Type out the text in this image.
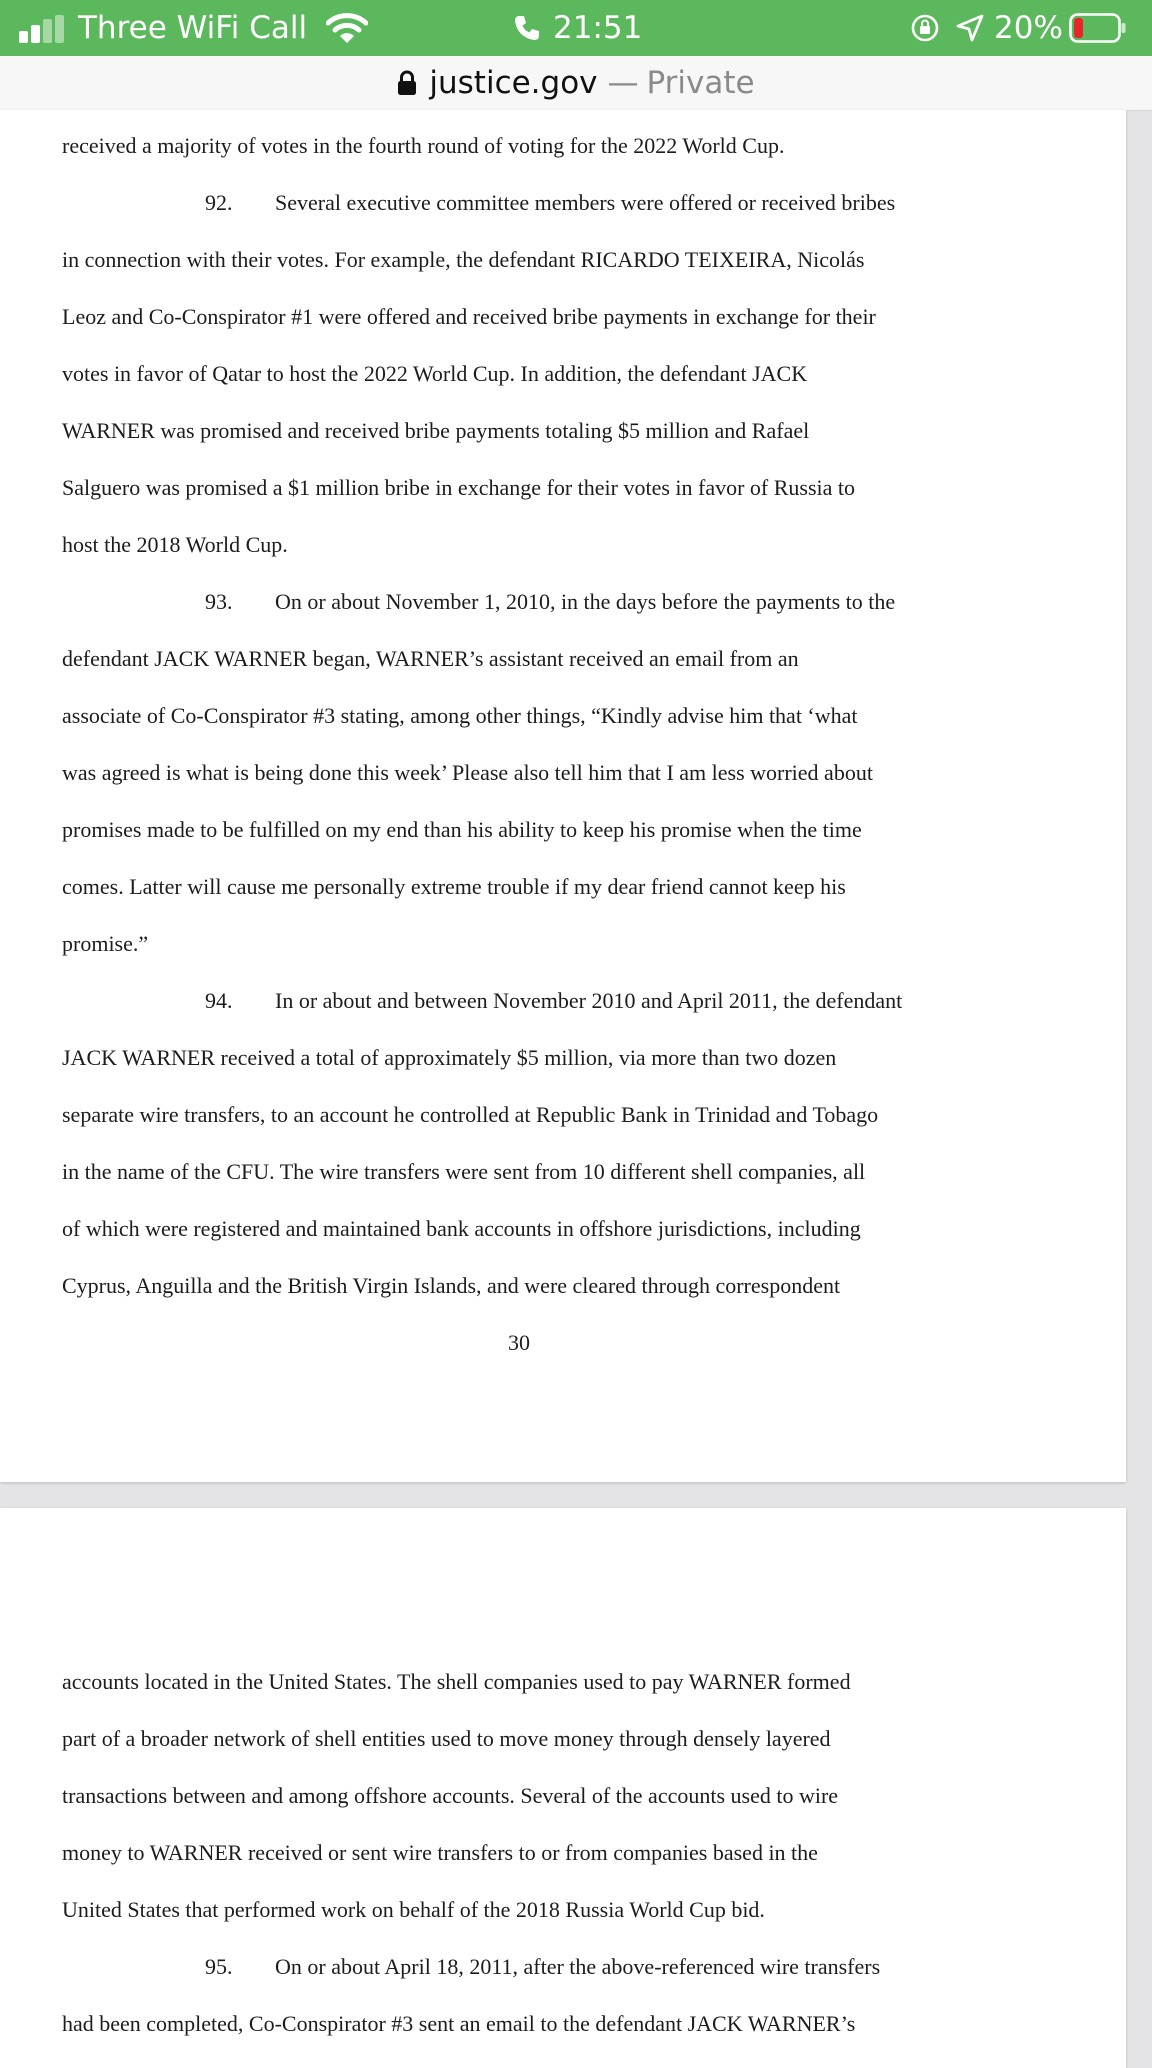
Three WiFi Call	21:51	20%
justice.gov — Private
received a majority of votes in the fourth round of voting for the 2022 World Cup.
92. Several executive committee members were offered or received bribes
in connection with their votes. For example, the defendant RICARDO TEIXEIRA, Nicolás
Leoz and Co-Conspirator #1 were offered and received bribe payments in exchange for their
votes in favor of Qatar to host the 2022 World Cup. In addition, the defendant JACK
WARNER was promised and received bribe payments totaling $5 million and Rafael
Salguero was promised a $1 million bribe in exchange for their votes in favor of Russia to
host the 2018 World Cup.
93. On or about November 1, 2010, in the days before the payments to the
defendant JACK WARNER began, WARNER’s assistant received an email from an
associate of Co-Conspirator #3 stating, among other things, “Kindly advise him that ‘what
was agreed is what is being done this week’ Please also tell him that I am less worried about
promises made to be fulfilled on my end than his ability to keep his promise when the time
comes. Latter will cause me personally extreme trouble if my dear friend cannot keep his
promise.”
94. In or about and between November 2010 and April 2011, the defendant
JACK WARNER received a total of approximately $5 million, via more than two dozen
separate wire transfers, to an account he controlled at Republic Bank in Trinidad and Tobago
in the name of the CFU. The wire transfers were sent from 10 different shell companies, all
of which were registered and maintained bank accounts in offshore jurisdictions, including
Cyprus, Anguilla and the British Virgin Islands, and were cleared through correspondent
30
accounts located in the United States. The shell companies used to pay WARNER formed
part of a broader network of shell entities used to move money through densely layered
transactions between and among offshore accounts. Several of the accounts used to wire
money to WARNER received or sent wire transfers to or from companies based in the
United States that performed work on behalf of the 2018 Russia World Cup bid.
95. On or about April 18, 2011, after the above-referenced wire transfers
had been completed, Co-Conspirator #3 sent an email to the defendant JACK WARNER’s
